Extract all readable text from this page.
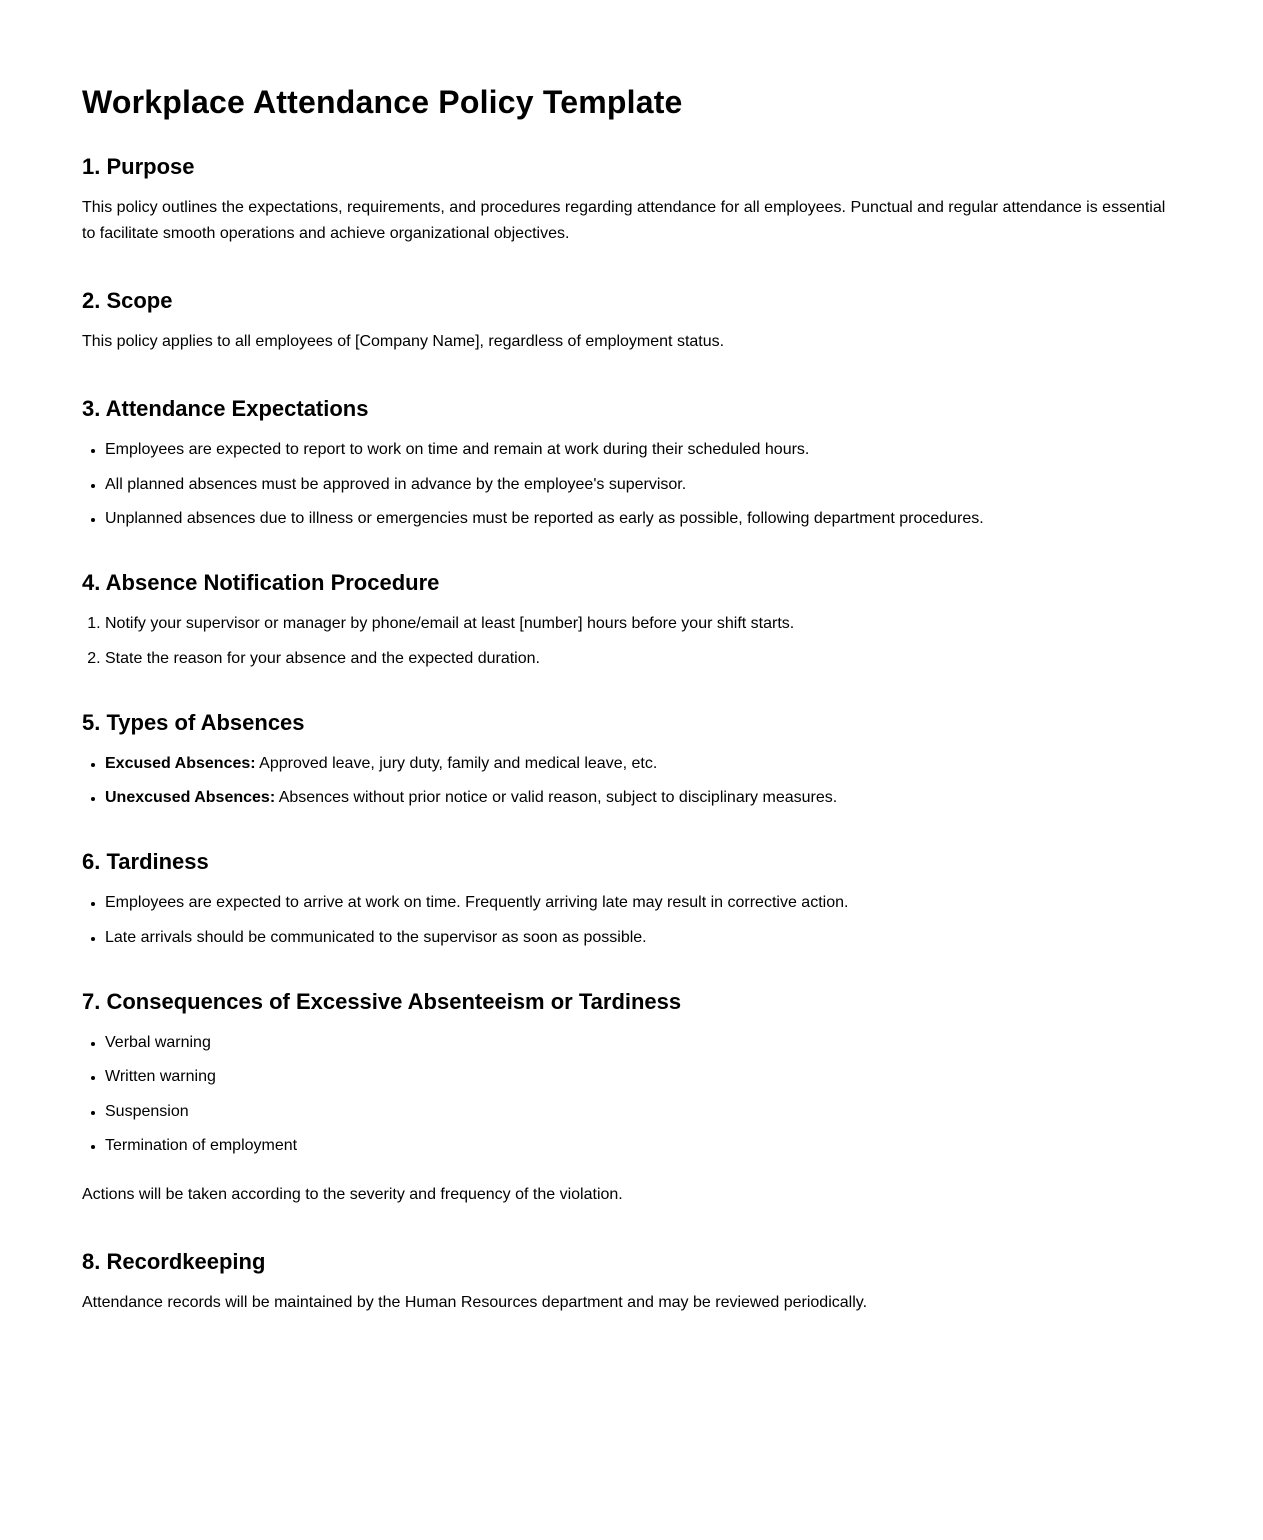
Workplace Attendance Policy Template
1. Purpose

This policy outlines the expectations, requirements, and procedures regarding attendance for all employees. Punctual and regular attendance is essential to facilitate smooth operations and achieve organizational objectives.

2. Scope

This policy applies to all employees of [Company Name], regardless of employment status.

3. Attendance Expectations
• Employees are expected to report to work on time and remain at work during their scheduled hours.
• All planned absences must be approved in advance by the employee's supervisor.
• Unplanned absences due to illness or emergencies must be reported as early as possible, following department procedures.
4. Absence Notification Procedure
1. Notify your supervisor or manager by phone/email at least [number] hours before your shift starts.
2. State the reason for your absence and the expected duration.
5. Types of Absences
• Excused Absences: Approved leave, jury duty, family and medical leave, etc.
• Unexcused Absences: Absences without prior notice or valid reason, subject to disciplinary measures.
6. Tardiness
• Employees are expected to arrive at work on time. Frequently arriving late may result in corrective action.
• Late arrivals should be communicated to the supervisor as soon as possible.
7. Consequences of Excessive Absenteeism or Tardiness
• Verbal warning
• Written warning
• Suspension
• Termination of employment

Actions will be taken according to the severity and frequency of the violation.

8. Recordkeeping

Attendance records will be maintained by the Human Resources department and may be reviewed periodically.
